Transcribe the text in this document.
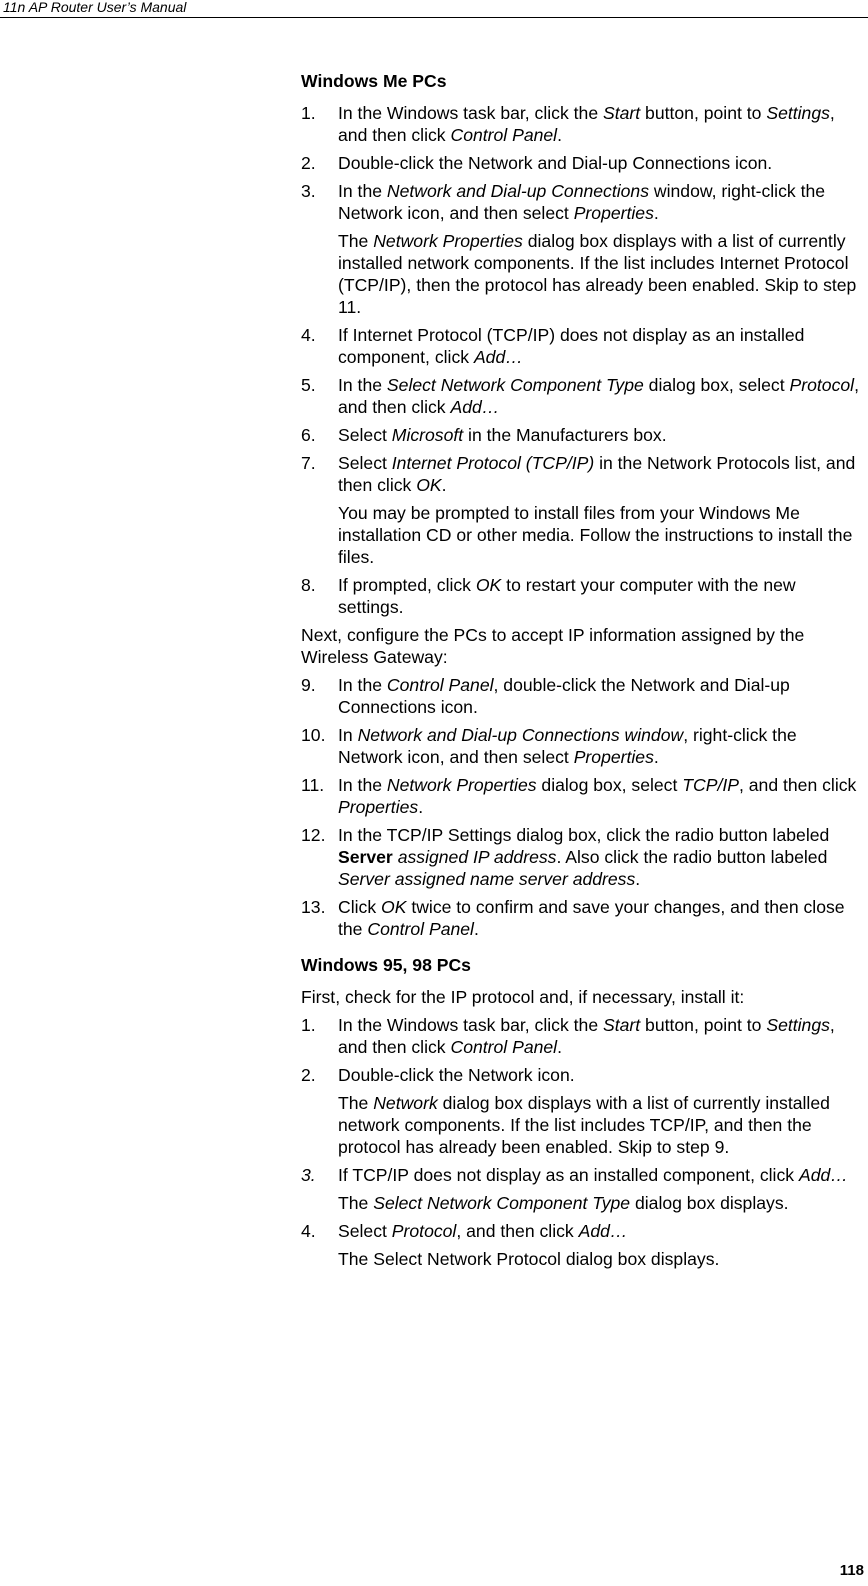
11n AP Router User’s Manual
Windows Me PCs
1. In the Windows task bar, click the Start button, point to Settings, and then click Control Panel.
2. Double-click the Network and Dial-up Connections icon.
3. In the Network and Dial-up Connections window, right-click the Network icon, and then select Properties.
The Network Properties dialog box displays with a list of currently installed network components. If the list includes Internet Protocol (TCP/IP), then the protocol has already been enabled. Skip to step 11.
4. If Internet Protocol (TCP/IP) does not display as an installed component, click Add…
5. In the Select Network Component Type dialog box, select Protocol, and then click Add…
6. Select Microsoft in the Manufacturers box.
7. Select Internet Protocol (TCP/IP) in the Network Protocols list, and then click OK.
You may be prompted to install files from your Windows Me installation CD or other media. Follow the instructions to install the files.
8. If prompted, click OK to restart your computer with the new settings.
Next, configure the PCs to accept IP information assigned by the Wireless Gateway:
9. In the Control Panel, double-click the Network and Dial-up Connections icon.
10. In Network and Dial-up Connections window, right-click the Network icon, and then select Properties.
11. In the Network Properties dialog box, select TCP/IP, and then click Properties.
12. In the TCP/IP Settings dialog box, click the radio button labeled Server assigned IP address. Also click the radio button labeled Server assigned name server address.
13. Click OK twice to confirm and save your changes, and then close the Control Panel.
Windows 95, 98 PCs
First, check for the IP protocol and, if necessary, install it:
1. In the Windows task bar, click the Start button, point to Settings, and then click Control Panel.
2. Double-click the Network icon.
The Network dialog box displays with a list of currently installed network components. If the list includes TCP/IP, and then the protocol has already been enabled. Skip to step 9.
3. If TCP/IP does not display as an installed component, click Add…
The Select Network Component Type dialog box displays.
4. Select Protocol, and then click Add…
The Select Network Protocol dialog box displays.
118
